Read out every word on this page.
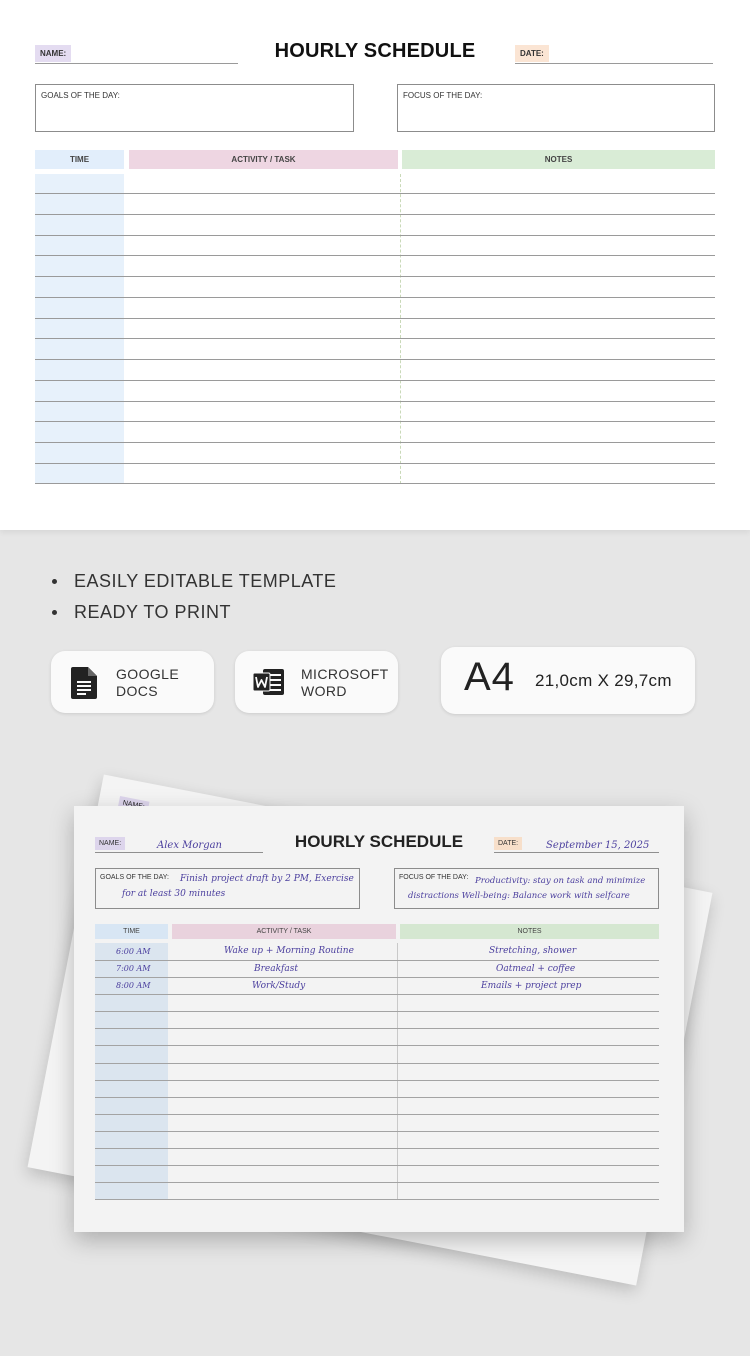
NAME:	HOURLY SCHEDULE	DATE:
GOALS OF THE DAY:	FOCUS OF THE DAY:
TIME	ACTIVITY / TASK	NOTES
EASILY EDITABLE TEMPLATE
READY TO PRINT
GOOGLE
DOCS
MICROSOFT
WORD	A4 21,0cm X 29,7cm
NAME:	Alex Morgan	HOURLY SCHEDULE	DATE:	September 15, 2025
GOALS OF THE DAY: Finish project draft by 2 PM, Exercise
for at least 30 minutes
FOCUS OF THE DAY: Productivity: stay on task and minimize
distractions Well-being: Balance work with selfcare
TIME	ACTIVITY / TASK	NOTES
6:00 AM	Wake up + Morning Routine	Stretching, shower
7:00 AM	Breakfast	Oatmeal + coffee
8:00 AM	Work/Study	Emails + project prep
